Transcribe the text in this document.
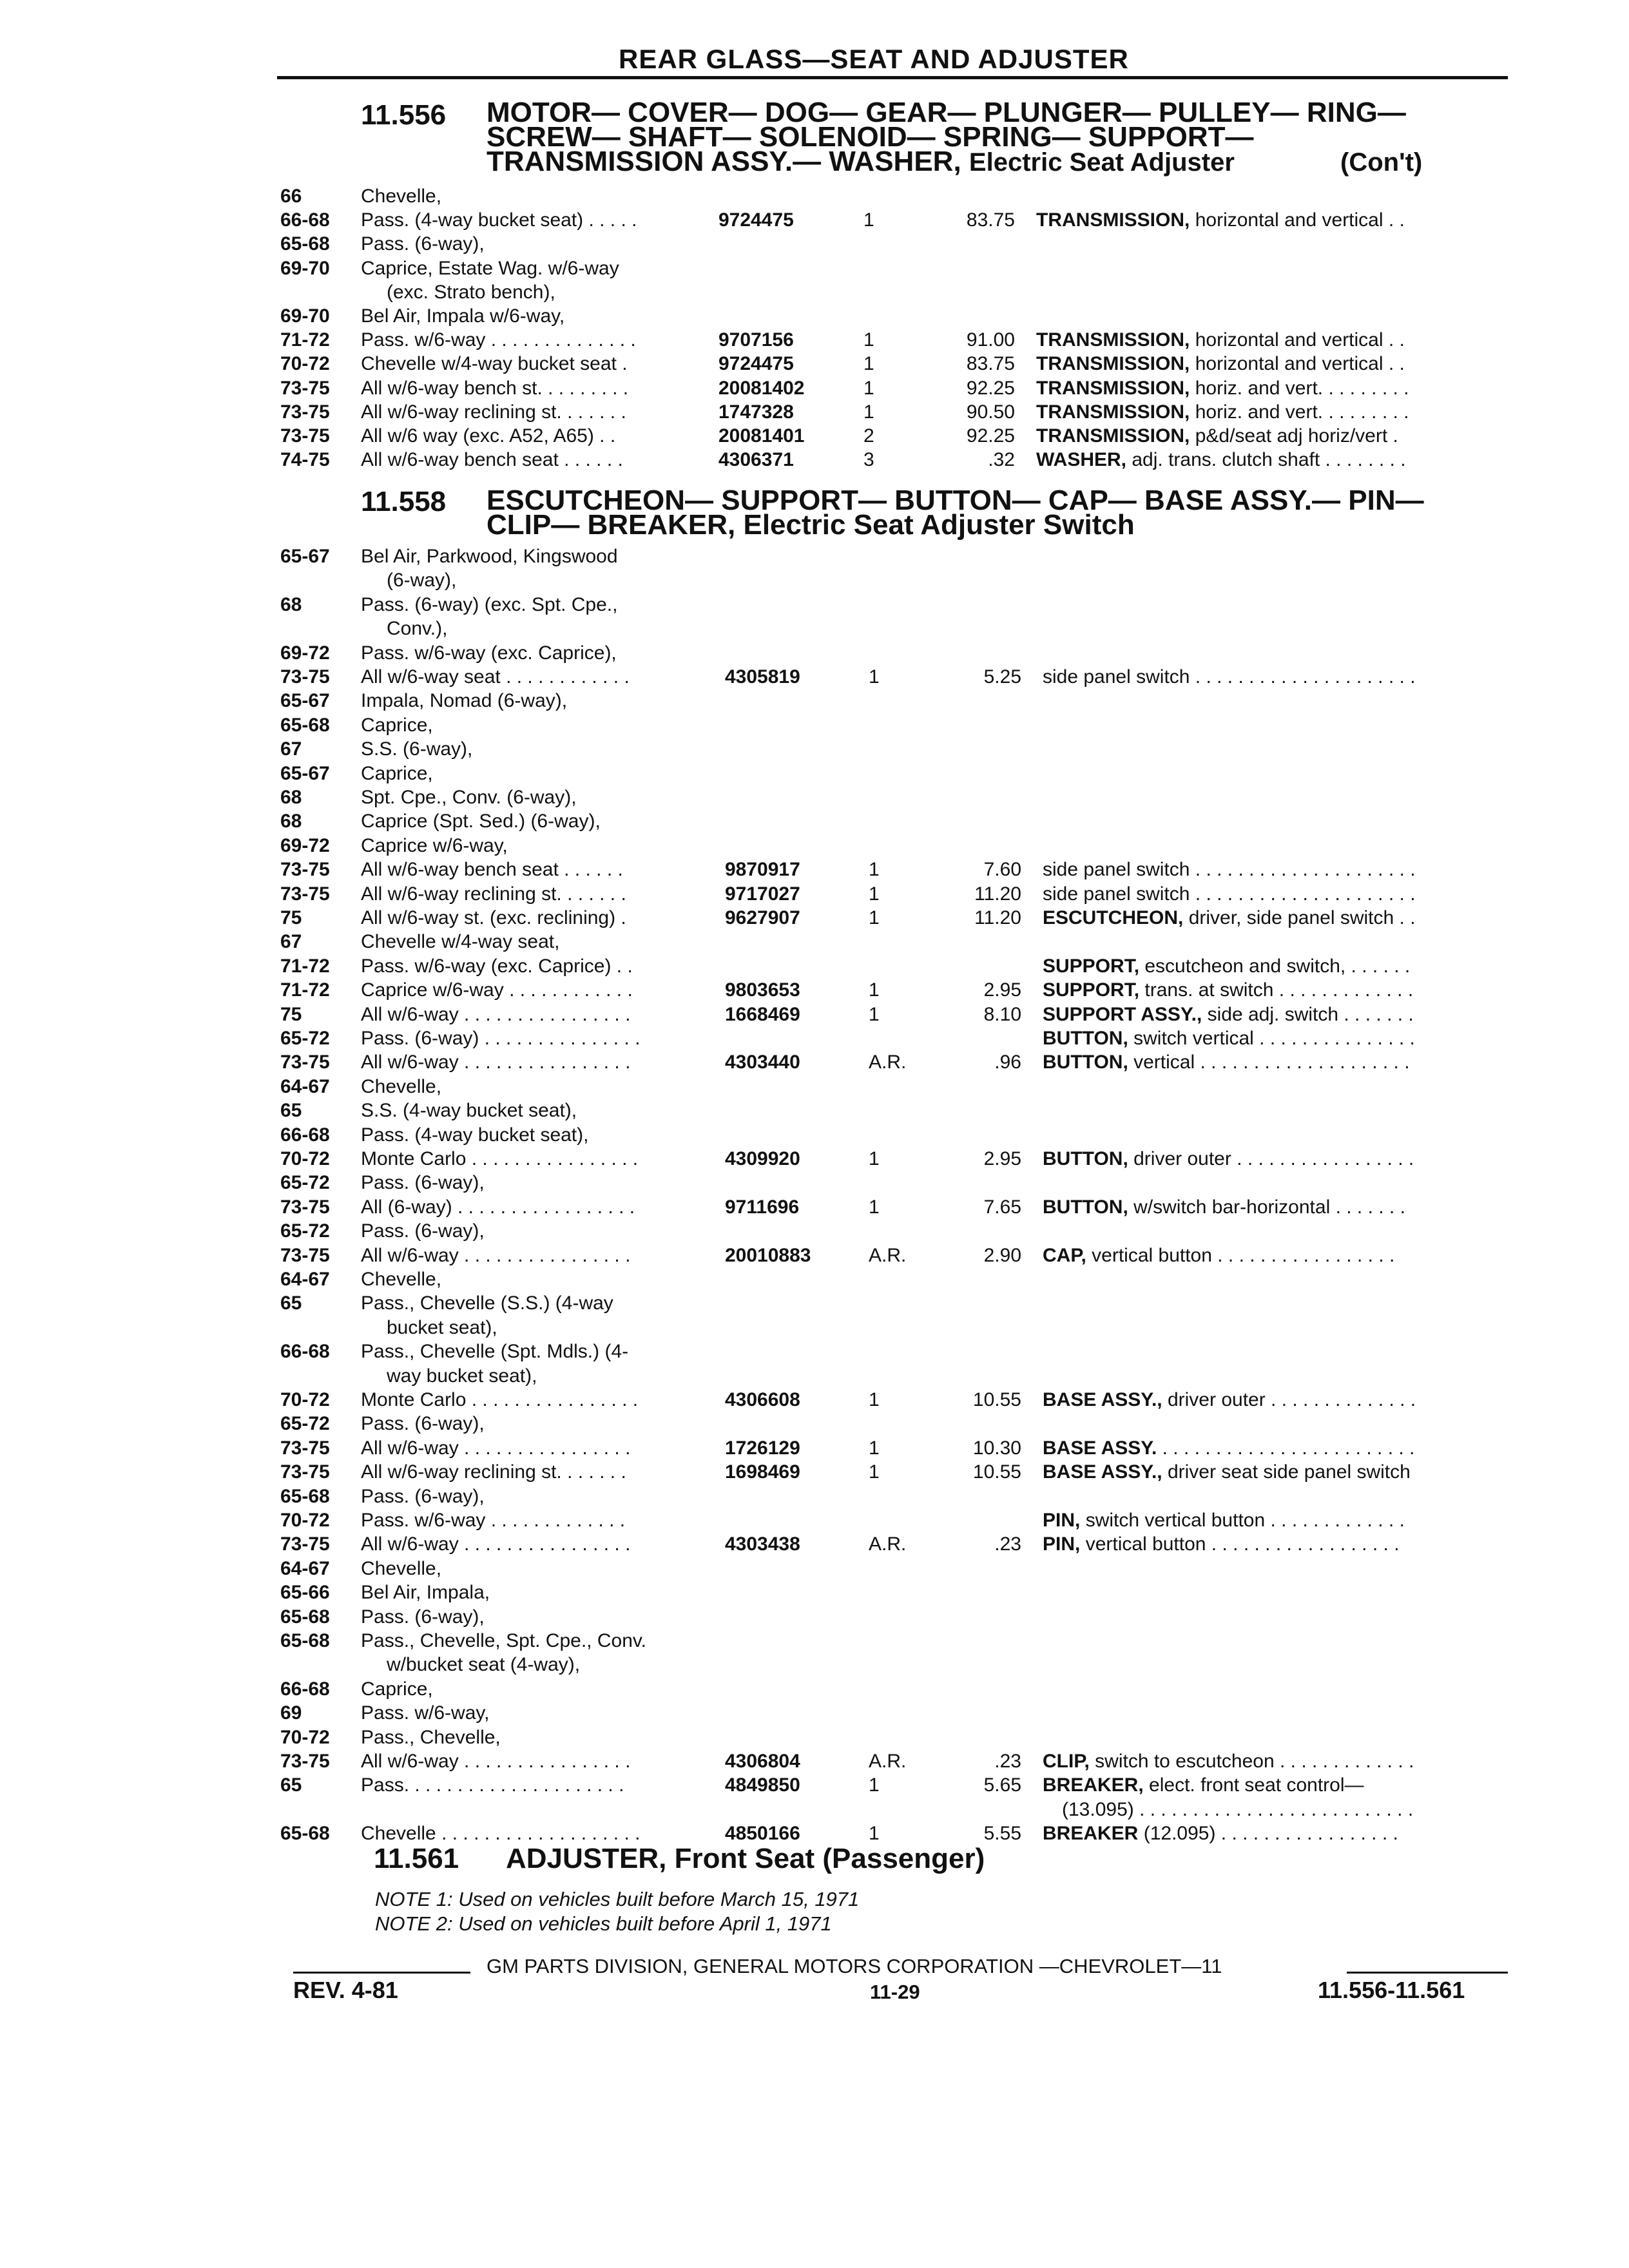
REAR GLASS—SEAT AND ADJUSTER
11.556 MOTOR— COVER— DOG— GEAR— PLUNGER— PULLEY— RING—
SCREW— SHAFT— SOLENOID— SPRING— SUPPORT—
TRANSMISSION ASSY.— WASHER, Electric Seat Adjuster	(Con't)
66	Chevelle,
66-68 Pass. (4-way bucket seat) . . . . .	9724475	1	83.75 TRANSMISSION, horizontal and vertical . .
65-68 Pass. (6-way),
69-70 Caprice, Estate Wag. w/6-way
(exc. Strato bench),
69-70 Bel Air, Impala w/6-way,
71-72 Pass. w/6-way . . . . . . . . . . . . . .	9707156	1	91.00 TRANSMISSION, horizontal and vertical . .
70-72 Chevelle w/4-way bucket seat .	9724475	1	83.75 TRANSMISSION, horizontal and vertical . .
73-75 All w/6-way bench st. . . . . . . . .	20081402	1	92.25 TRANSMISSION, horiz. and vert. . . . . . . . .
73-75 All w/6-way reclining st. . . . . . .	1747328	1	90.50 TRANSMISSION, horiz. and vert. . . . . . . . .
73-75 All w/6 way (exc. A52, A65) . .	20081401	2	92.25 TRANSMISSION, p&d/seat adj horiz/vert .
74-75 All w/6-way bench seat . . . . . .	4306371	3	.32 WASHER, adj. trans. clutch shaft . . . . . . . .
11.558 ESCUTCHEON— SUPPORT— BUTTON— CAP— BASE ASSY.— PIN—
CLIP— BREAKER, Electric Seat Adjuster Switch
65-67 Bel Air, Parkwood, Kingswood
(6-way),
68	Pass. (6-way) (exc. Spt. Cpe.,
Conv.),
69-72 Pass. w/6-way (exc. Caprice),
73-75 All w/6-way seat . . . . . . . . . . . .	4305819	1	5.25 side panel switch . . . . . . . . . . . . . . . . . . . . .
65-67 Impala, Nomad (6-way),
65-68 Caprice,
67	S.S. (6-way),
65-67 Caprice,
68	Spt. Cpe., Conv. (6-way),
68	Caprice (Spt. Sed.) (6-way),
69-72 Caprice w/6-way,
73-75 All w/6-way bench seat . . . . . .	9870917	1	7.60 side panel switch . . . . . . . . . . . . . . . . . . . . .
73-75 All w/6-way reclining st. . . . . . .	9717027	1	11.20 side panel switch . . . . . . . . . . . . . . . . . . . . .
75	All w/6-way st. (exc. reclining) .	9627907	1	11.20 ESCUTCHEON, driver, side panel switch . .
67	Chevelle w/4-way seat,
71-72 Pass. w/6-way (exc. Caprice) . .	SUPPORT, escutcheon and switch, . . . . . .
71-72 Caprice w/6-way . . . . . . . . . . . .	9803653	1	2.95 SUPPORT, trans. at switch . . . . . . . . . . . . .
75	All w/6-way . . . . . . . . . . . . . . . .	1668469	1	8.10 SUPPORT ASSY., side adj. switch . . . . . . .
65-72 Pass. (6-way) . . . . . . . . . . . . . . .	BUTTON, switch vertical . . . . . . . . . . . . . . .
73-75 All w/6-way . . . . . . . . . . . . . . . .	4303440	A.R.	.96 BUTTON, vertical . . . . . . . . . . . . . . . . . . . .
64-67 Chevelle,
65	S.S. (4-way bucket seat),
66-68 Pass. (4-way bucket seat),
70-72 Monte Carlo . . . . . . . . . . . . . . . .	4309920	1	2.95 BUTTON, driver outer . . . . . . . . . . . . . . . . .
65-72 Pass. (6-way),
73-75 All (6-way) . . . . . . . . . . . . . . . . .	9711696	1	7.65 BUTTON, w/switch bar-horizontal . . . . . . .
65-72 Pass. (6-way),
73-75 All w/6-way . . . . . . . . . . . . . . . .	20010883	A.R.	2.90 CAP, vertical button . . . . . . . . . . . . . . . . .
64-67 Chevelle,
65	Pass., Chevelle (S.S.) (4-way
bucket seat),
66-68 Pass., Chevelle (Spt. Mdls.) (4-
way bucket seat),
70-72 Monte Carlo . . . . . . . . . . . . . . . .	4306608	1	10.55 BASE ASSY., driver outer . . . . . . . . . . . . . .
65-72 Pass. (6-way),
73-75 All w/6-way . . . . . . . . . . . . . . . .	1726129	1	10.30 BASE ASSY. . . . . . . . . . . . . . . . . . . . . . . . .
73-75 All w/6-way reclining st. . . . . . .	1698469	1	10.55 BASE ASSY., driver seat side panel switch
65-68 Pass. (6-way),
70-72 Pass. w/6-way . . . . . . . . . . . . .	PIN, switch vertical button . . . . . . . . . . . . .
73-75 All w/6-way . . . . . . . . . . . . . . . .	4303438	A.R.	.23 PIN, vertical button . . . . . . . . . . . . . . . . . .
64-67 Chevelle,
65-66 Bel Air, Impala,
65-68 Pass. (6-way),
65-68 Pass., Chevelle, Spt. Cpe., Conv.
w/bucket seat (4-way),
66-68 Caprice,
69	Pass. w/6-way,
70-72 Pass., Chevelle,
73-75 All w/6-way . . . . . . . . . . . . . . . .	4306804	A.R.	.23 CLIP, switch to escutcheon . . . . . . . . . . . . .
65	Pass. . . . . . . . . . . . . . . . . . . . .	4849850	1	5.65 BREAKER, elect. front seat control—
(13.095) . . . . . . . . . . . . . . . . . . . . . . . . . .
65-68 Chevelle . . . . . . . . . . . . . . . . . . .	4850166	1	5.55 BREAKER (12.095) . . . . . . . . . . . . . . . . .
11.561 ADJUSTER, Front Seat (Passenger)
NOTE 1: Used on vehicles built before March 15, 1971
NOTE 2: Used on vehicles built before April 1, 1971
GM PARTS DIVISION, GENERAL MOTORS CORPORATION —CHEVROLET—11
REV. 4-81	11-29	11.556-11.561
